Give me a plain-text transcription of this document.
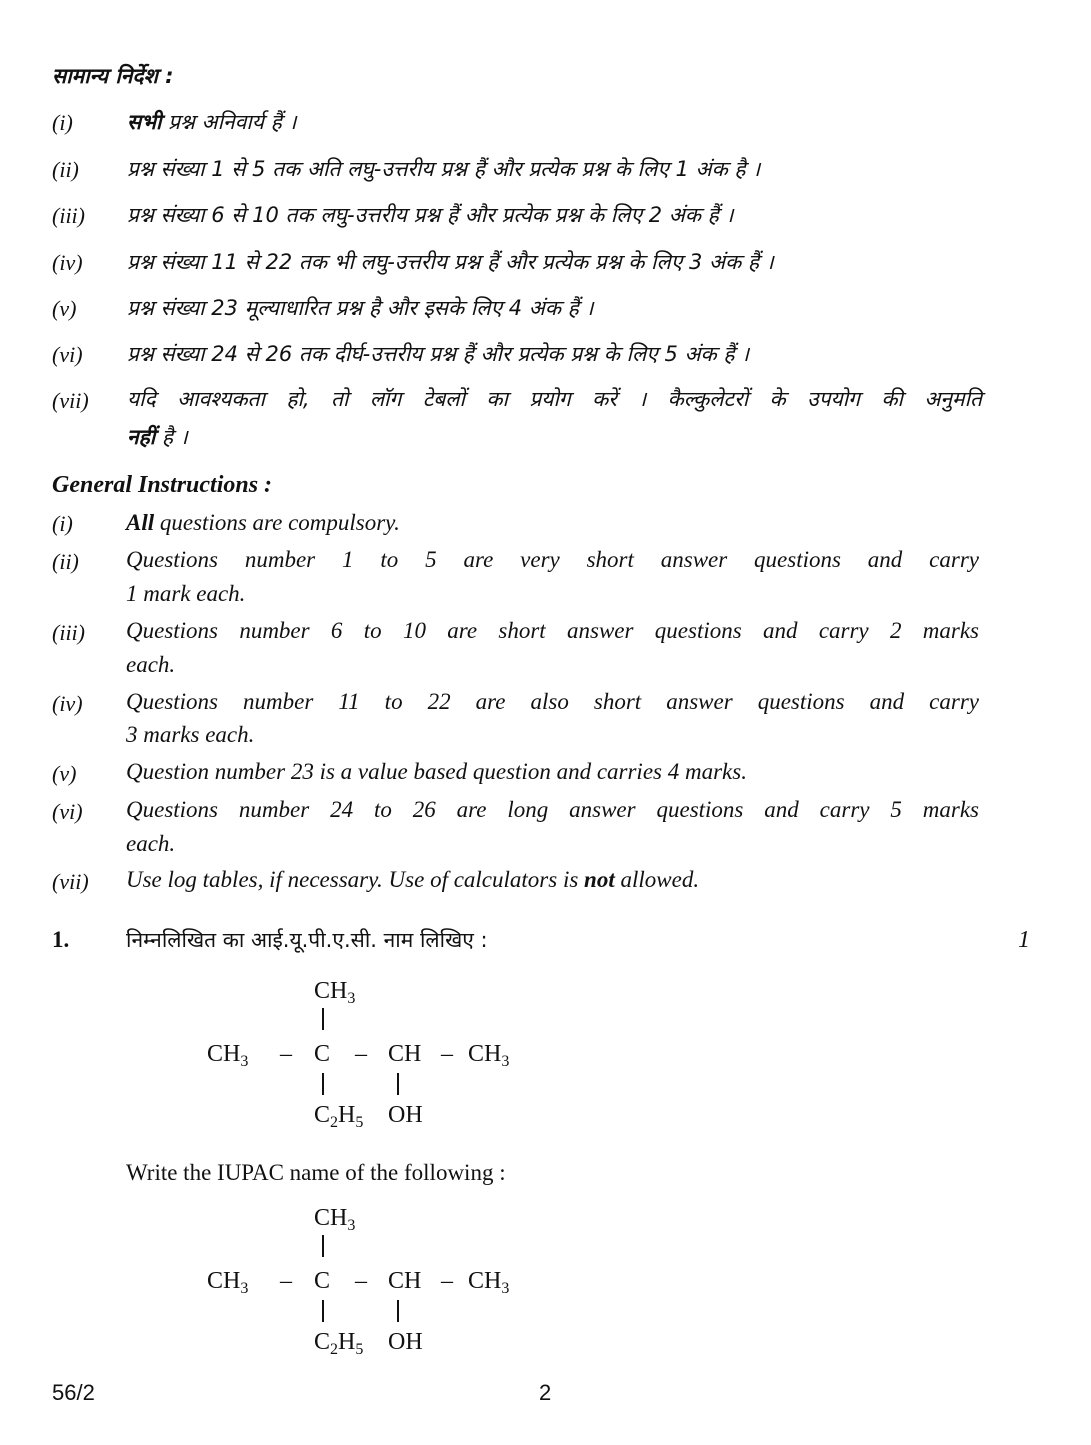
सामान्य निर्देश :
(i)	सभी प्रश्न अनिवार्य हैं ।
(ii) प्रश्न संख्या 1 से 5 तक अति लघु-उत्तरीय प्रश्न हैं और प्रत्येक प्रश्न के लिए 1 अंक है ।
(iii) प्रश्न संख्या 6 से 10 तक लघु-उत्तरीय प्रश्न हैं और प्रत्येक प्रश्न के लिए 2 अंक हैं ।
(iv) प्रश्न संख्या 11 से 22 तक भी लघु-उत्तरीय प्रश्न हैं और प्रत्येक प्रश्न के लिए 3 अंक हैं ।
(v) प्रश्न संख्या 23 मूल्याधारित प्रश्न है और इसके लिए 4 अंक हैं ।
(vi) प्रश्न संख्या 24 से 26 तक दीर्घ-उत्तरीय प्रश्न हैं और प्रत्येक प्रश्न के लिए 5 अंक हैं ।
(vii) यदि आवश्यकता हो, तो लॉग टेबलों का प्रयोग करें । कैल्कुलेटरों के उपयोग की अनुमति
नहीं है ।
General Instructions :
(i) All questions are compulsory.
(ii) Questions number 1 to 5 are very short answer questions and carry
1 mark each.
(iii) Questions number 6 to 10 are short answer questions and carry 2 marks
each.
(iv) Questions number 11 to 22 are also short answer questions and carry
3 marks each.
(v) Question number 23 is a value based question and carries 4 marks.
(vi) Questions number 24 to 26 are long answer questions and carry 5 marks
each.
(vii) Use log tables, if necessary. Use of calculators is not allowed.
1.	निम्नलिखित का आई.यू.पी.ए.सी. नाम लिखिए :	1
$CH_3$
$CH_3$ – C – CH – $CH_3$
$C_2H_5$ OH
Write the IUPAC name of the following :
$CH_3$
$CH_3$ – C – CH – $CH_3$
$C_2H_5$ OH
56/2	2
